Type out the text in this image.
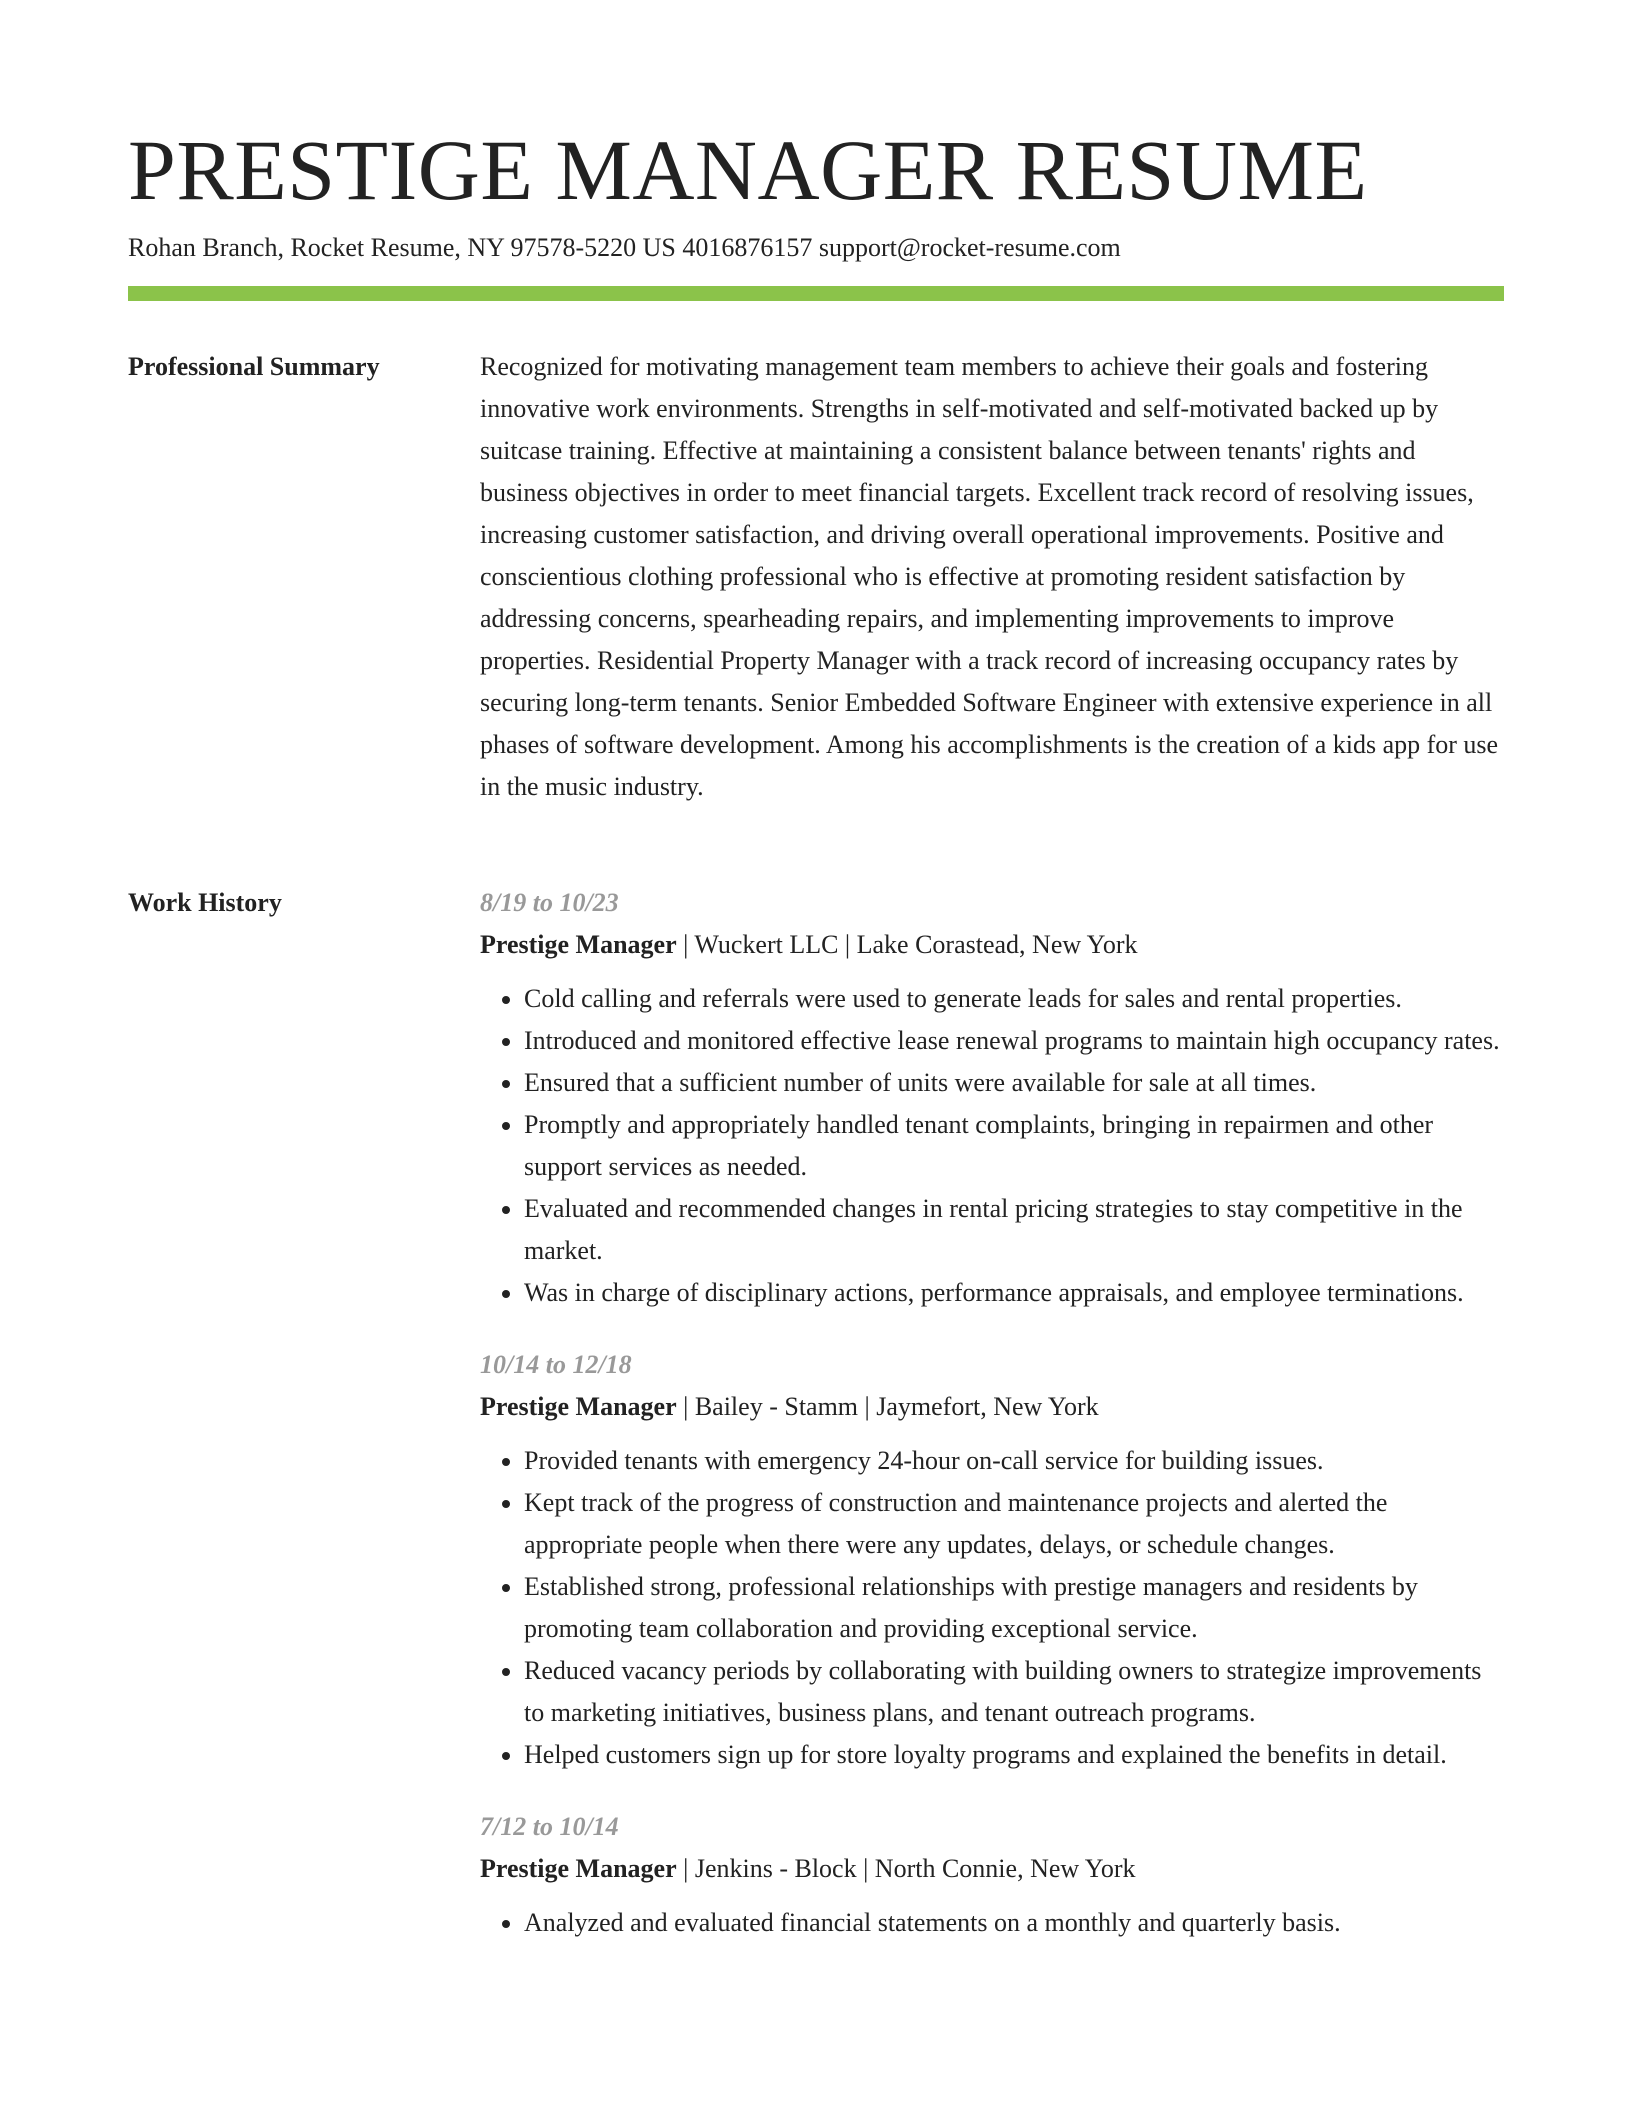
PRESTIGE MANAGER RESUME
Rohan Branch, Rocket Resume, NY 97578-5220 US 4016876157 support@rocket-resume.com
Professional Summary	Recognized for motivating management team members to achieve their goals and fostering innovative work environments. Strengths in self-motivated and self-motivated backed up by suitcase training. Effective at maintaining a consistent balance between tenants' rights and business objectives in order to meet financial targets. Excellent track record of resolving issues, increasing customer satisfaction, and driving overall operational improvements. Positive and conscientious clothing professional who is effective at promoting resident satisfaction by addressing concerns, spearheading repairs, and implementing improvements to improve properties. Residential Property Manager with a track record of increasing occupancy rates by securing long-term tenants. Senior Embedded Software Engineer with extensive experience in all phases of software development. Among his accomplishments is the creation of a kids app for use in the music industry.

Work History	8/19 to 10/23

Prestige Manager | Wuckert LLC | Lake Corastead, New York

• Cold calling and referrals were used to generate leads for sales and rental properties.
• Introduced and monitored effective lease renewal programs to maintain high occupancy rates.
• Ensured that a sufficient number of units were available for sale at all times.
• Promptly and appropriately handled tenant complaints, bringing in repairmen and other support services as needed.
• Evaluated and recommended changes in rental pricing strategies to stay competitive in the market.
• Was in charge of disciplinary actions, performance appraisals, and employee terminations.

10/14 to 12/18

Prestige Manager | Bailey - Stamm | Jaymefort, New York

• Provided tenants with emergency 24-hour on-call service for building issues.
• Kept track of the progress of construction and maintenance projects and alerted the appropriate people when there were any updates, delays, or schedule changes.
• Established strong, professional relationships with prestige managers and residents by promoting team collaboration and providing exceptional service.
• Reduced vacancy periods by collaborating with building owners to strategize improvements to marketing initiatives, business plans, and tenant outreach programs.
• Helped customers sign up for store loyalty programs and explained the benefits in detail.

7/12 to 10/14

Prestige Manager | Jenkins - Block | North Connie, New York

• Analyzed and evaluated financial statements on a monthly and quarterly basis.
